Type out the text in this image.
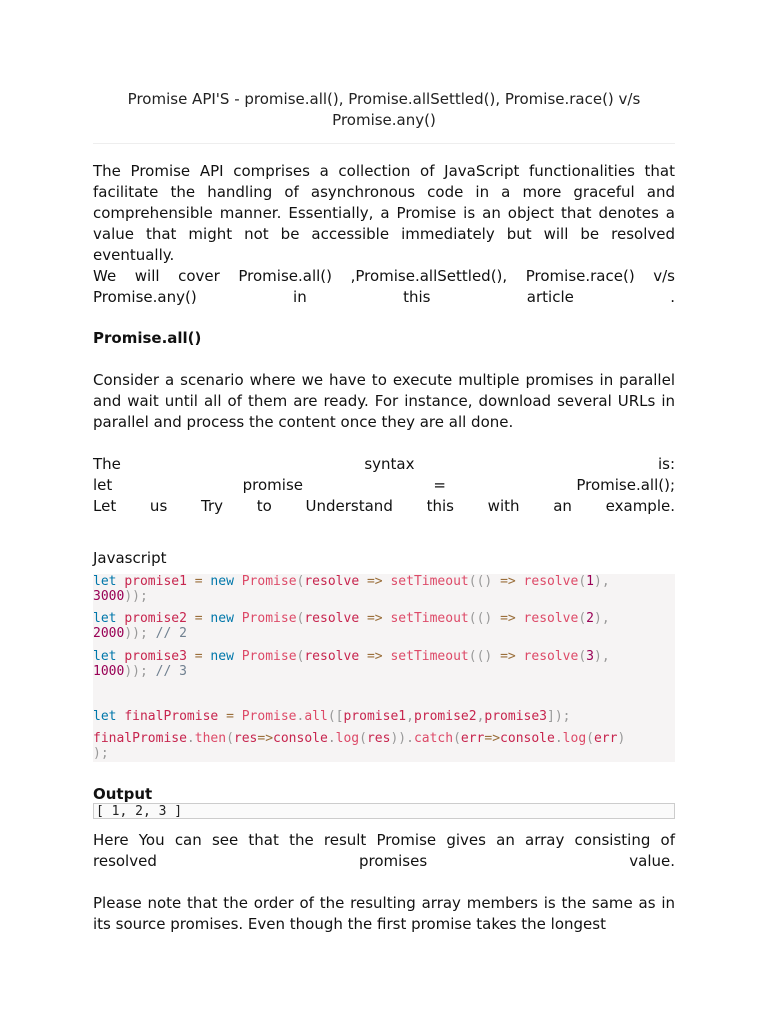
Promise API'S - promise.all(), Promise.allSettled(), Promise.race() v/s
Promise.any()
The Promise API comprises a collection of JavaScript functionalities that facilitate the handling of asynchronous code in a more graceful and comprehensible manner. Essentially, a Promise is an object that denotes a value that might not be accessible immediately but will be resolved eventually.
We will cover Promise.all() ,Promise.allSettled(), Promise.race() v/s Promise.any() in this article .
Promise.all()
Consider a scenario where we have to execute multiple promises in parallel and wait until all of them are ready. For instance, download several URLs in parallel and process the content once they are all done.
The syntax is:
let promise = Promise.all();
Let us Try to Understand this with an example.
Javascript
let promise1 = new Promise(resolve => setTimeout(() => resolve(1),
3000));
let promise2 = new Promise(resolve => setTimeout(() => resolve(2),
2000)); // 2
let promise3 = new Promise(resolve => setTimeout(() => resolve(3),
1000)); // 3
let finalPromise = Promise.all([promise1,promise2,promise3]);
finalPromise.then(res=>console.log(res)).catch(err=>console.log(err)
);
Output
[ 1, 2, 3 ]
Here You can see that the result Promise gives an array consisting of resolved promises value.
Please note that the order of the resulting array members is the same as in its source promises. Even though the first promise takes the longest
